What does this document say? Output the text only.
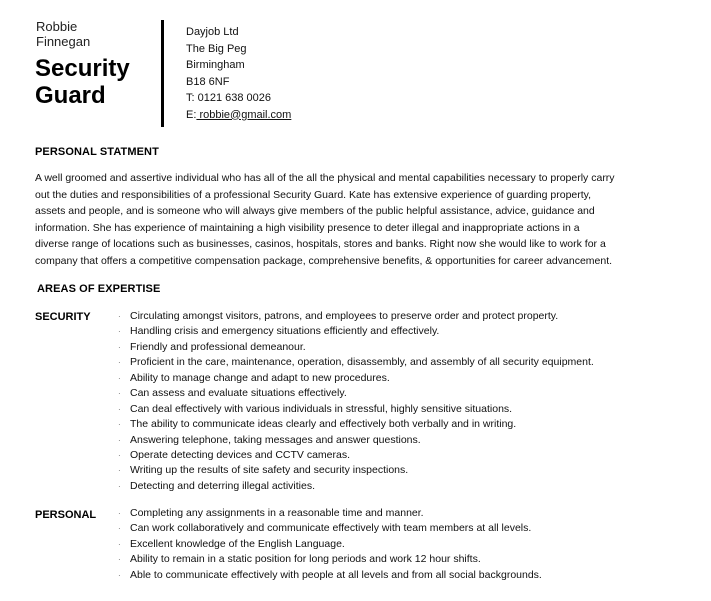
Robbie
Finnegan
Security
Guard
Dayjob Ltd
The Big Peg
Birmingham
B18 6NF
T: 0121 638 0026
E: robbie@gmail.com
PERSONAL STATMENT

A well groomed and assertive individual who has all of the all the physical and mental capabilities necessary to properly carry
out the duties and responsibilities of a professional Security Guard. Kate has extensive experience of guarding property,
assets and people, and is someone who will always give members of the public helpful assistance, advice, guidance and
information. She has experience of maintaining a high visibility presence to deter illegal and inappropriate actions in a
diverse range of locations such as businesses, casinos, hospitals, stores and banks. Right now she would like to work for a
company that offers a competitive compensation package, comprehensive benefits, & opportunities for career advancement.

AREAS OF EXPERTISE
SECURITY	· Circulating amongst visitors, patrons, and employees to preserve order and protect property.
· Handling crisis and emergency situations efficiently and effectively.
· Friendly and professional demeanour.
· Proficient in the care, maintenance, operation, disassembly, and assembly of all security equipment.
· Ability to manage change and adapt to new procedures.
· Can assess and evaluate situations effectively.
· Can deal effectively with various individuals in stressful, highly sensitive situations.
· The ability to communicate ideas clearly and effectively both verbally and in writing.
· Answering telephone, taking messages and answer questions.
· Operate detecting devices and CCTV cameras.
· Writing up the results of site safety and security inspections.
· Detecting and deterring illegal activities.
PERSONAL	· Completing any assignments in a reasonable time and manner.
· Can work collaboratively and communicate effectively with team members at all levels.
· Excellent knowledge of the English Language.
· Ability to remain in a static position for long periods and work 12 hour shifts.
· Able to communicate effectively with people at all levels and from all social backgrounds.
